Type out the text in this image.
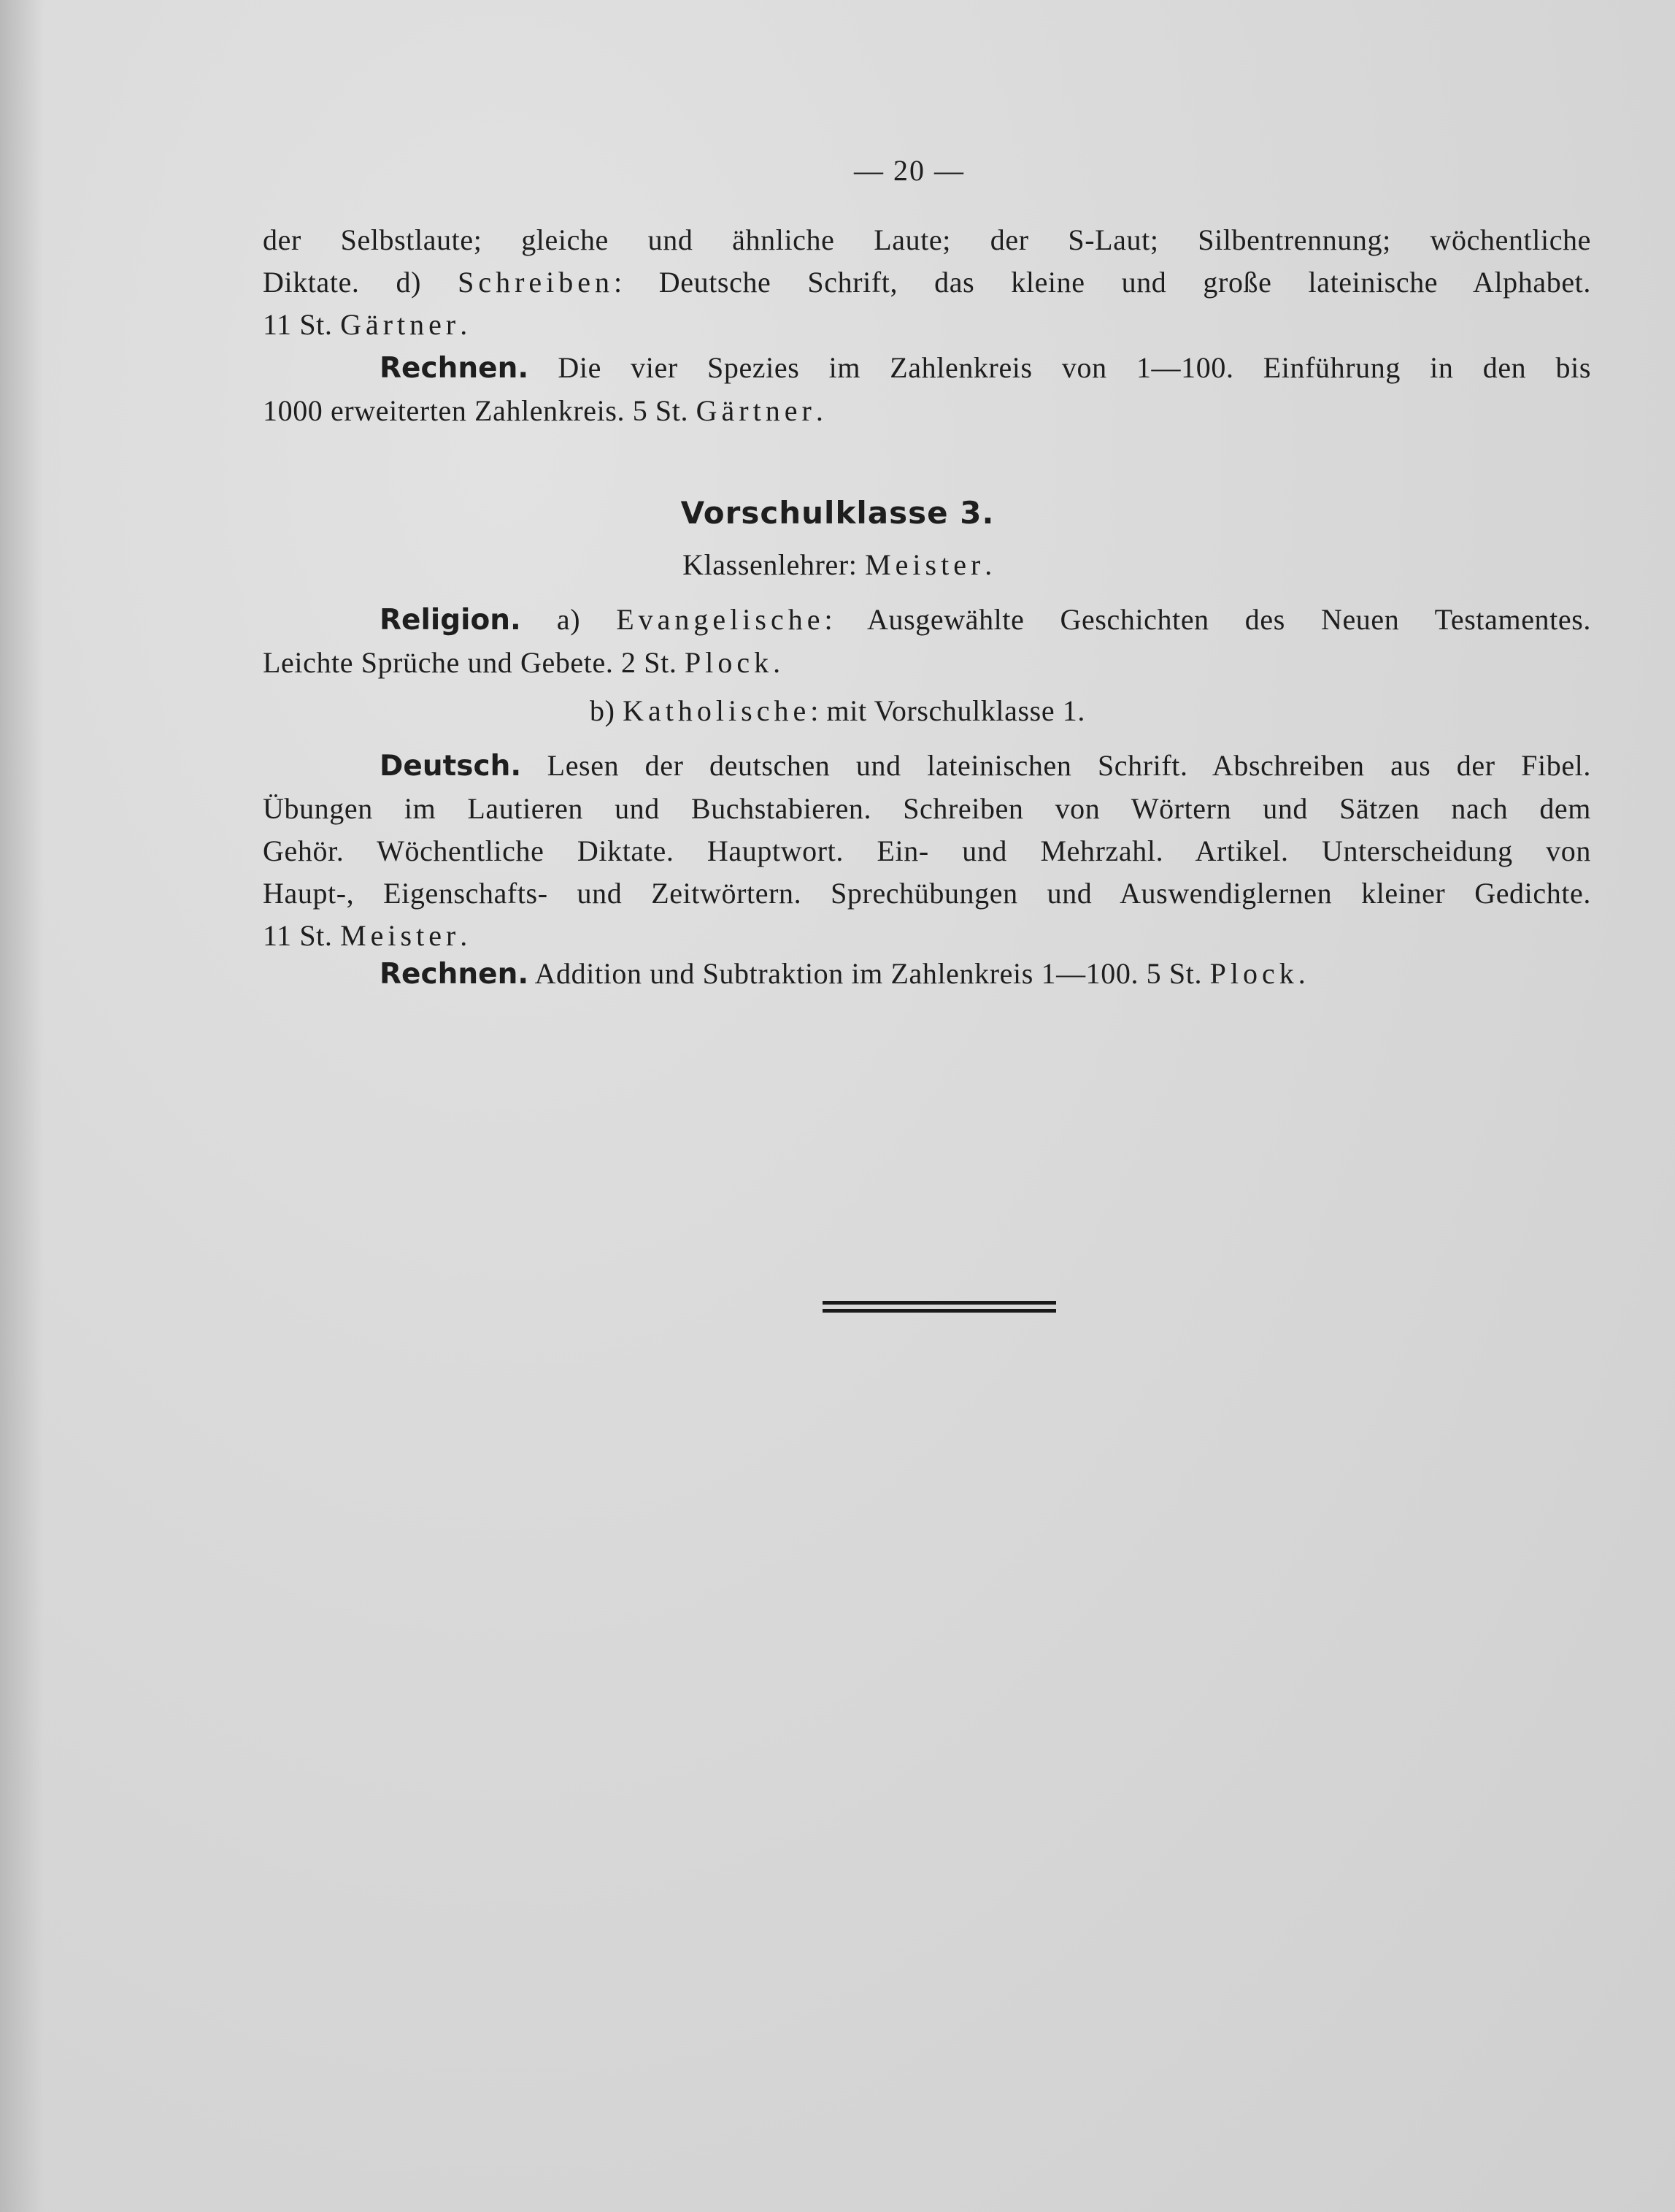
— 20 —
der Selbstlaute; gleiche und ähnliche Laute; der S-Laut; Silbentrennung; wöchentliche
Diktate. d) Schreiben: Deutsche Schrift, das kleine und große lateinische Alphabet.
11 St. Gärtner.
Rechnen. Die vier Spezies im Zahlenkreis von 1—100. Einführung in den bis
1000 erweiterten Zahlenkreis. 5 St. Gärtner.
Vorschulklasse 3.
Klassenlehrer: Meister.
Religion. a) Evangelische: Ausgewählte Geschichten des Neuen Testamentes.
Leichte Sprüche und Gebete. 2 St. Plock.
b) Katholische: mit Vorschulklasse 1.
Deutsch. Lesen der deutschen und lateinischen Schrift. Abschreiben aus der Fibel.
Übungen im Lautieren und Buchstabieren. Schreiben von Wörtern und Sätzen nach dem
Gehör. Wöchentliche Diktate. Hauptwort. Ein- und Mehrzahl. Artikel. Unterscheidung von
Haupt-, Eigenschafts- und Zeitwörtern. Sprechübungen und Auswendiglernen kleiner Gedichte.
11 St. Meister.
Rechnen. Addition und Subtraktion im Zahlenkreis 1—100. 5 St. Plock.
